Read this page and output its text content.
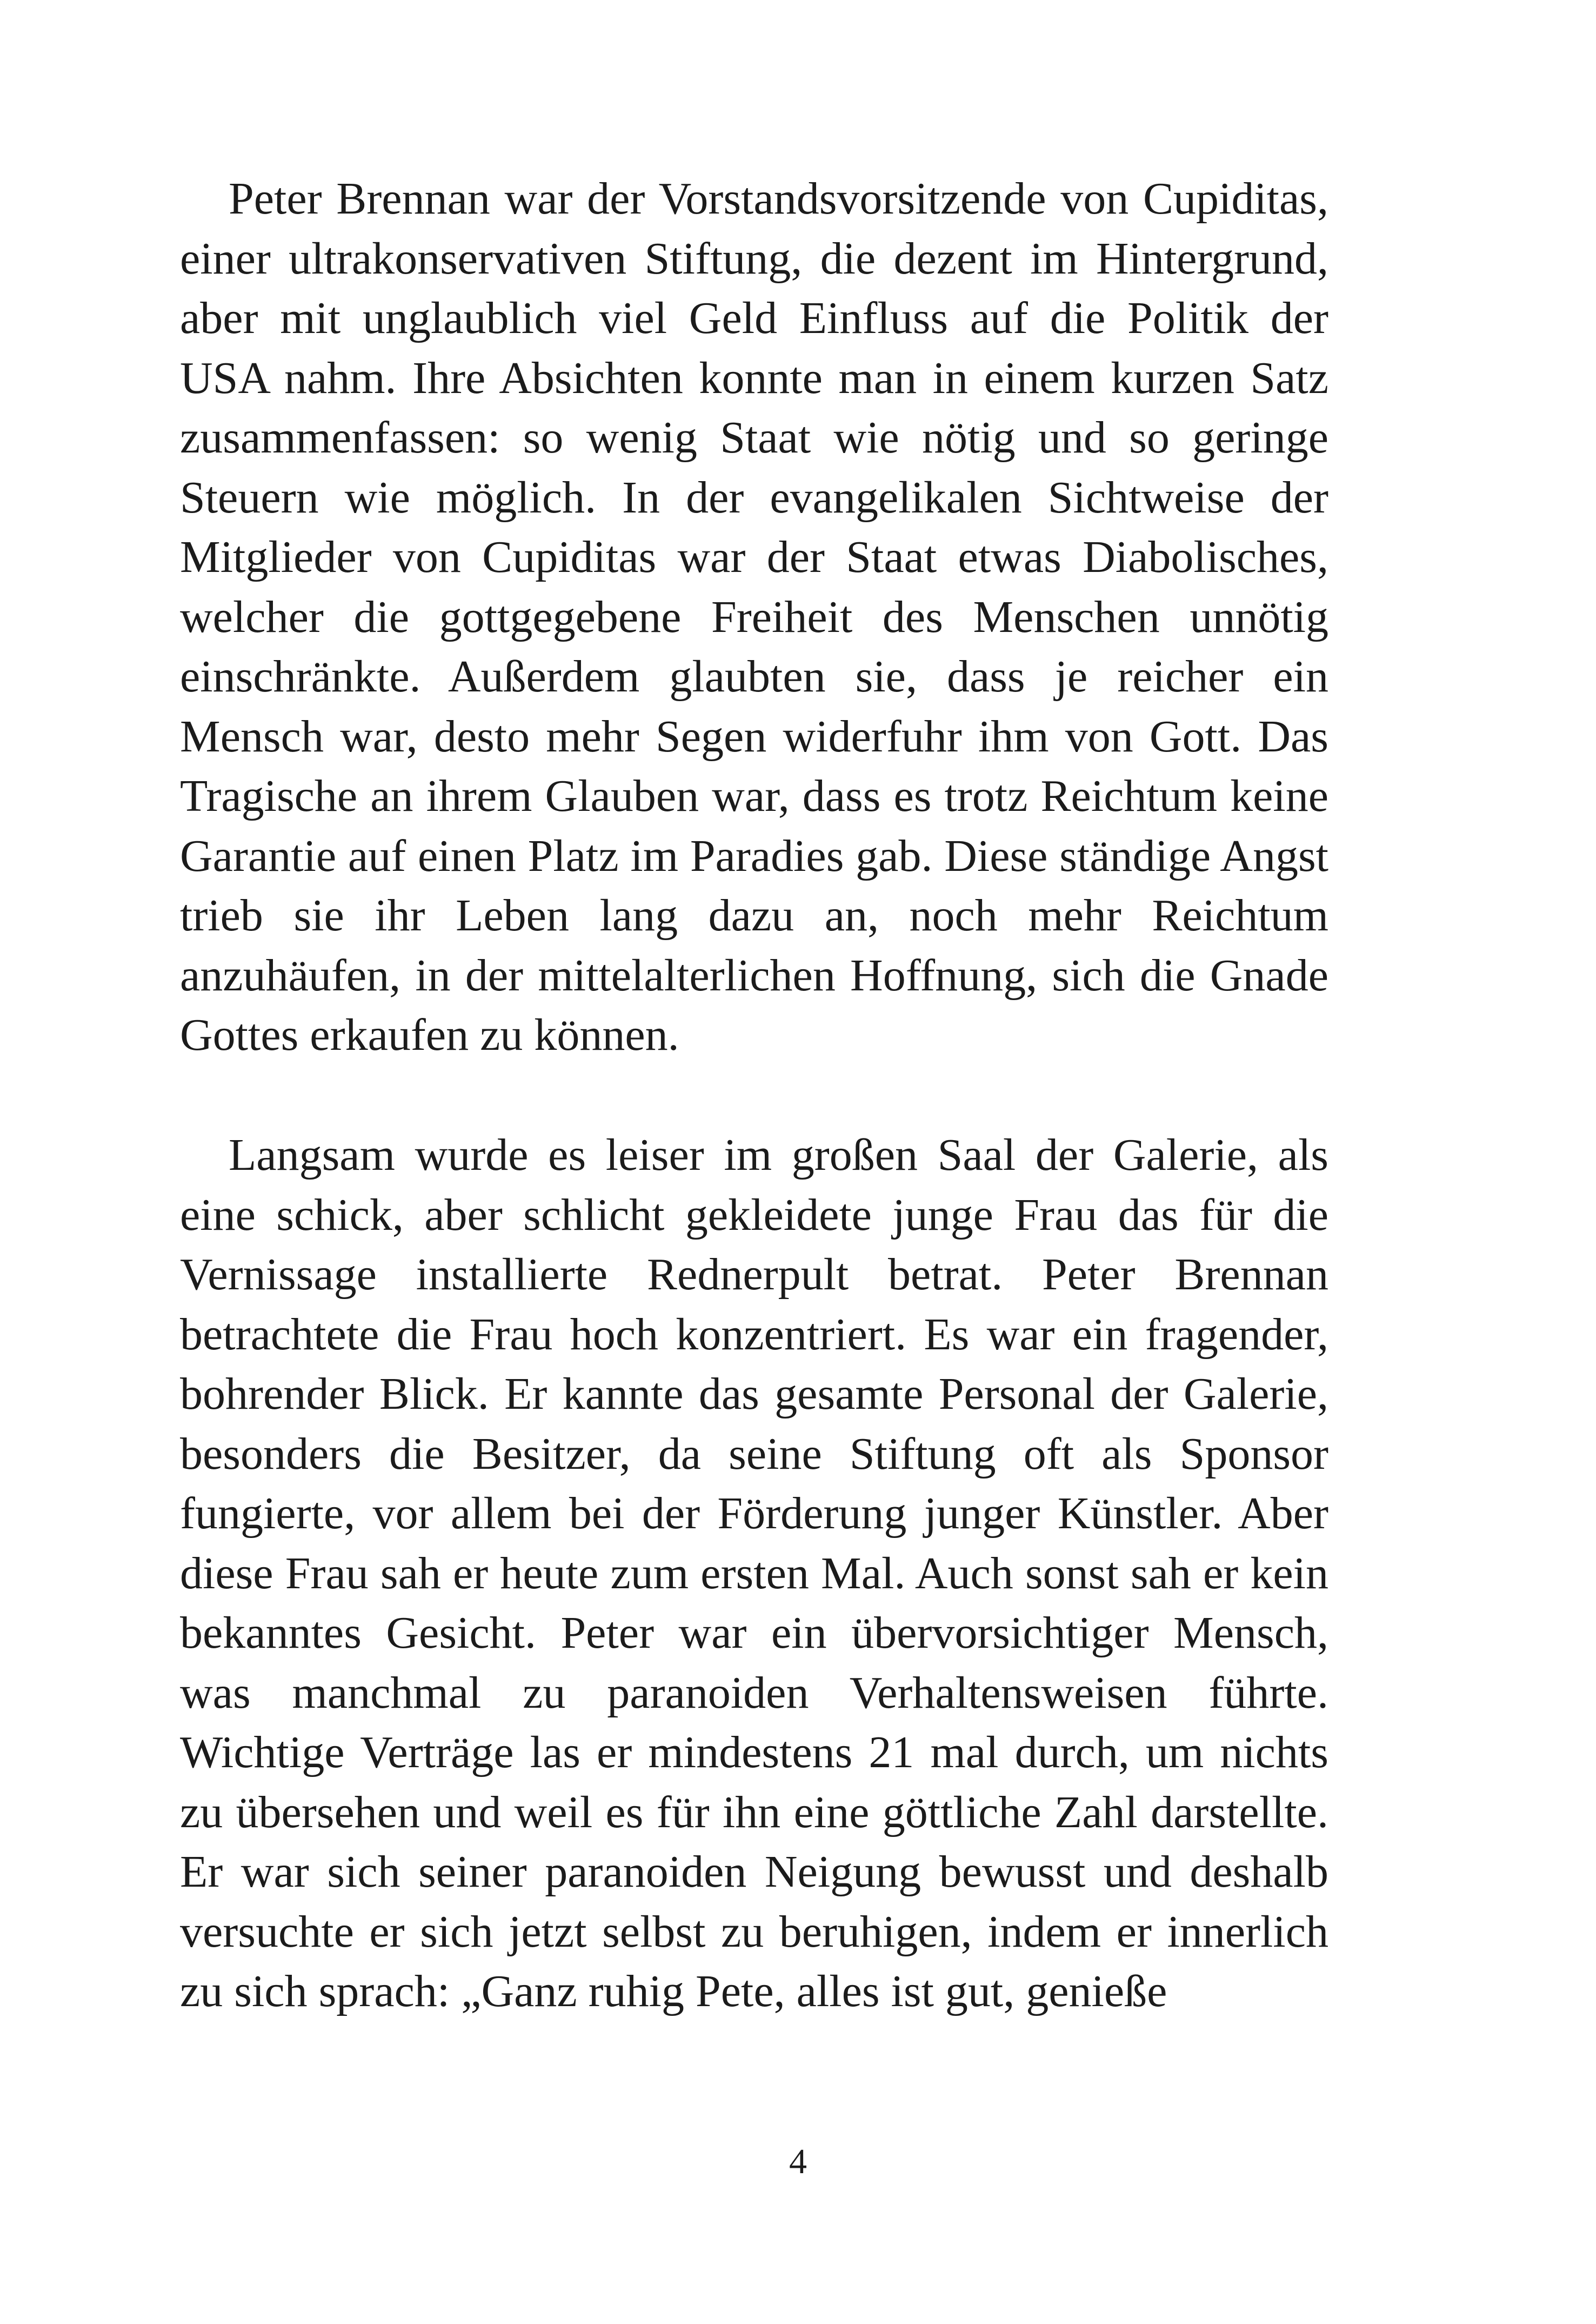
Peter Brennan war der Vorstandsvorsitzende von Cupiditas, einer ultrakonservativen Stiftung, die dezent im Hintergrund, aber mit unglaublich viel Geld Einfluss auf die Politik der USA nahm. Ihre Absichten konnte man in einem kurzen Satz zusammenfassen: so wenig Staat wie nötig und so geringe Steuern wie möglich. In der evangelikalen Sichtweise der Mitglieder von Cupiditas war der Staat etwas Diabolisches, welcher die gottgegebene Freiheit des Menschen unnötig einschränkte. Außerdem glaubten sie, dass je reicher ein Mensch war, desto mehr Segen widerfuhr ihm von Gott. Das Tragische an ihrem Glauben war, dass es trotz Reichtum keine Garantie auf einen Platz im Paradies gab. Diese ständige Angst trieb sie ihr Leben lang dazu an, noch mehr Reichtum anzuhäufen, in der mittelalterlichen Hoffnung, sich die Gnade Gottes erkaufen zu können.

Langsam wurde es leiser im großen Saal der Galerie, als eine schick, aber schlicht gekleidete junge Frau das für die Vernissage installierte Rednerpult betrat. Peter Brennan betrachtete die Frau hoch konzentriert. Es war ein fragender, bohrender Blick. Er kannte das gesamte Personal der Galerie, besonders die Besitzer, da seine Stiftung oft als Sponsor fungierte, vor allem bei der Förderung junger Künstler. Aber diese Frau sah er heute zum ersten Mal. Auch sonst sah er kein bekanntes Gesicht. Peter war ein übervorsichtiger Mensch, was manchmal zu paranoiden Verhaltensweisen führte. Wichtige Verträge las er mindestens 21 mal durch, um nichts zu übersehen und weil es für ihn eine göttliche Zahl darstellte. Er war sich seiner paranoiden Neigung bewusst und deshalb versuchte er sich jetzt selbst zu beruhigen, indem er innerlich zu sich sprach: „Ganz ruhig Pete, alles ist gut, genieße

4
